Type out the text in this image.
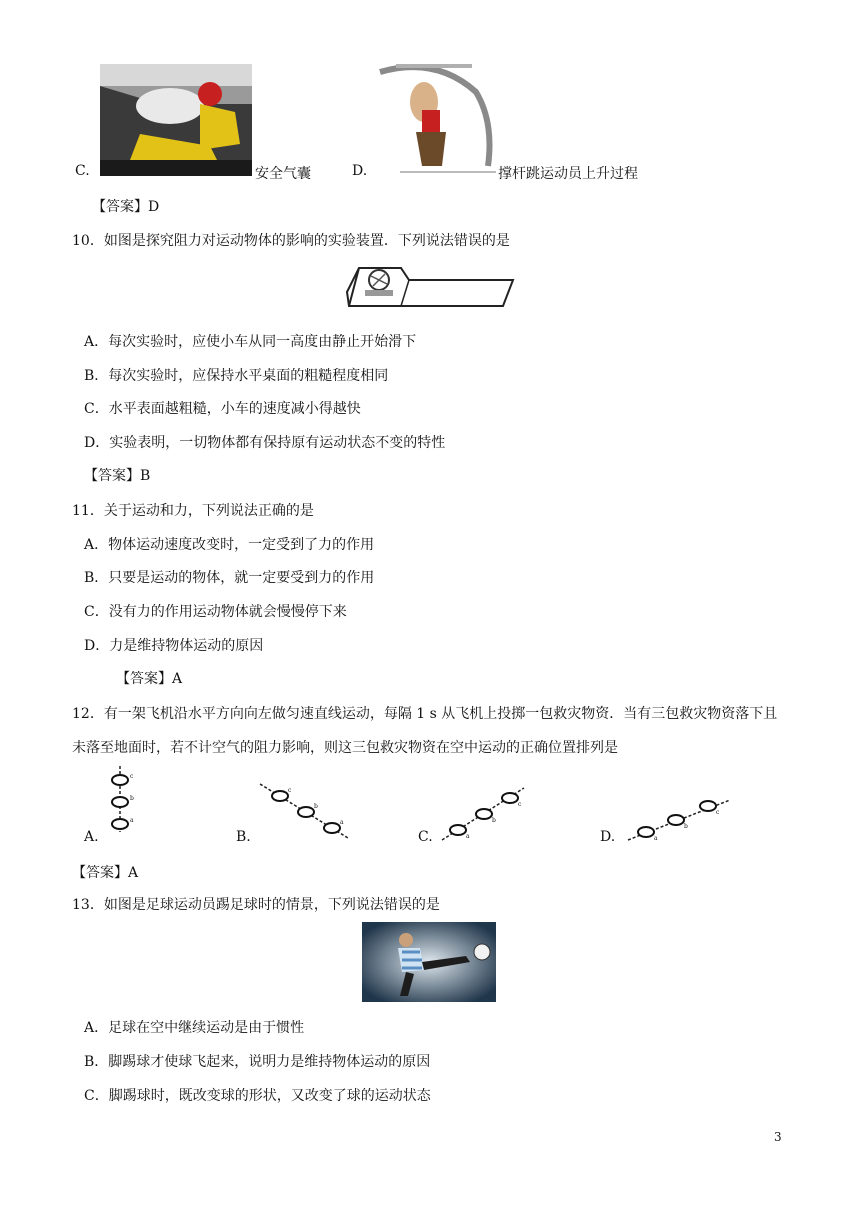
C.	安全气囊	D.	撑杆跳运动员上升过程
【答案】D
10．如图是探究阻力对运动物体的影响的实验装置．下列说法错误的是
A．每次实验时，应使小车从同一高度由静止开始滑下
B．每次实验时，应保持水平桌面的粗糙程度相同
C．水平表面越粗糙，小车的速度减小得越快
D．实验表明，一切物体都有保持原有运动状态不变的特性
【答案】B
11．关于运动和力，下列说法正确的是
A．物体运动速度改变时，一定受到了力的作用
B．只要是运动的物体，就一定要受到力的作用
C．没有力的作用运动物体就会慢慢停下来
D．力是维持物体运动的原因
【答案】A
12．有一架飞机沿水平方向向左做匀速直线运动，每隔 1 s 从飞机上投掷一包救灾物资．当有三包救灾物资落下且
未落至地面时，若不计空气的阻力影响，则这三包救灾物资在空中运动的正确位置排列是
c
b
a
A.
c
b
a
B.	a
b
c
C.	a
b
c
D.
【答案】A
13．如图是足球运动员踢足球时的情景，下列说法错误的是
A．足球在空中继续运动是由于惯性
B．脚踢球才使球飞起来，说明力是维持物体运动的原因
C．脚踢球时，既改变球的形状，又改变了球的运动状态
3
